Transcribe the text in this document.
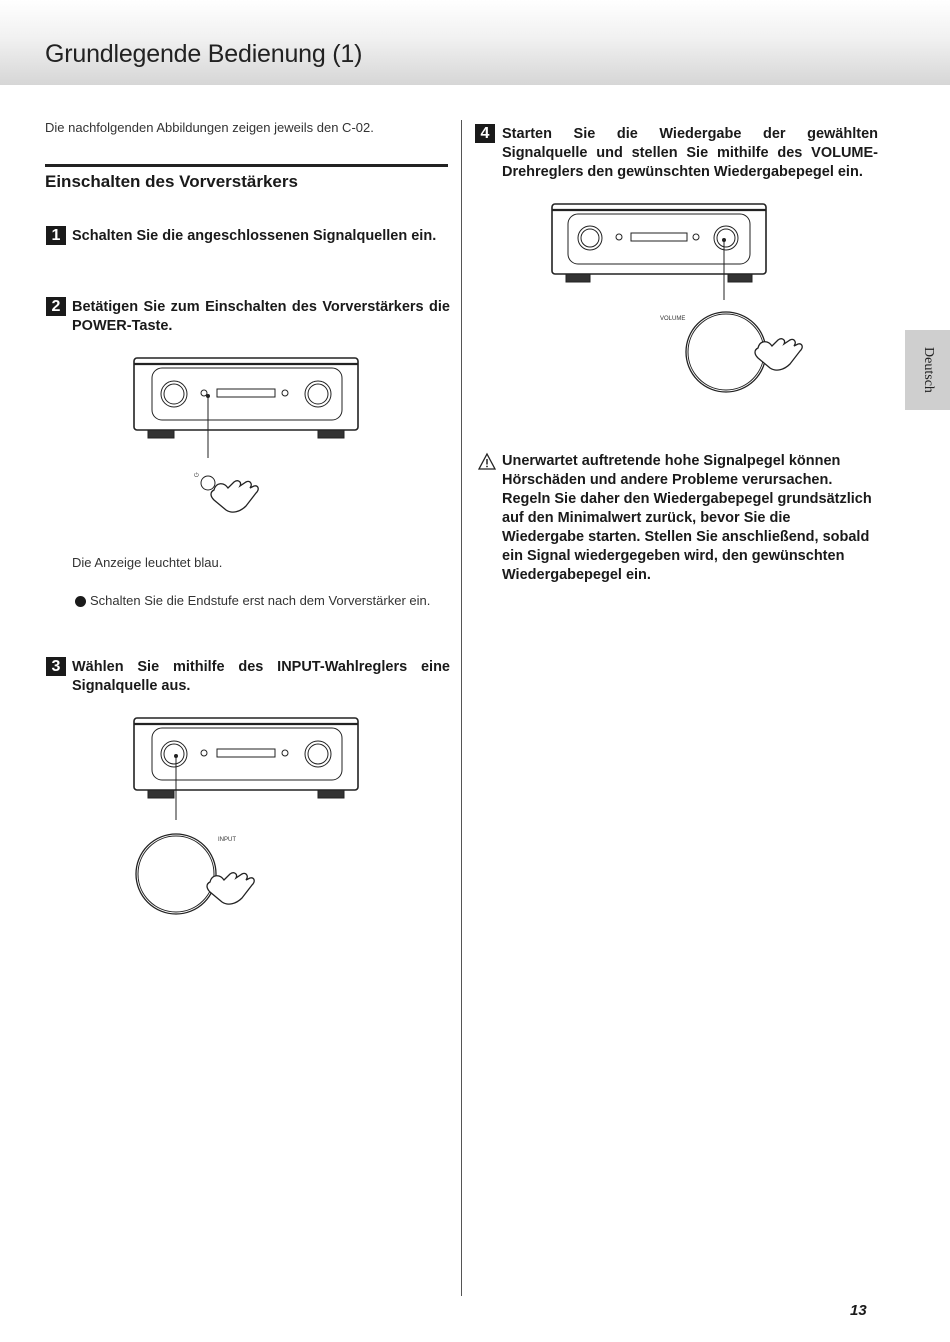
Grundlegende Bedienung (1)
Die nachfolgenden Abbildungen zeigen jeweils den C-02.
Einschalten des Vorverstärkers
1 Schalten Sie die angeschlossenen Signalquellen ein.
2 Betätigen Sie zum Einschalten des Vorverstärkers die POWER-Taste.
⏻
Die Anzeige leuchtet blau.
Schalten Sie die Endstufe erst nach dem Vorverstärker ein.
3 Wählen Sie mithilfe des INPUT-Wahlreglers eine Signalquelle aus.
INPUT
4 Starten Sie die Wiedergabe der gewählten Signalquelle und stellen Sie mithilfe des VOLUME-Drehreglers den gewünschten Wiedergabepegel ein.
VOLUME
Unerwartet auftretende hohe Signalpegel können Hörschäden und andere Probleme verursachen. Regeln Sie daher den Wiedergabepegel grundsätzlich auf den Minimalwert zurück, bevor Sie die Wiedergabe starten. Stellen Sie anschließend, sobald ein Signal wiedergegeben wird, den gewünschten Wiedergabepegel ein.
Deutsch
13
